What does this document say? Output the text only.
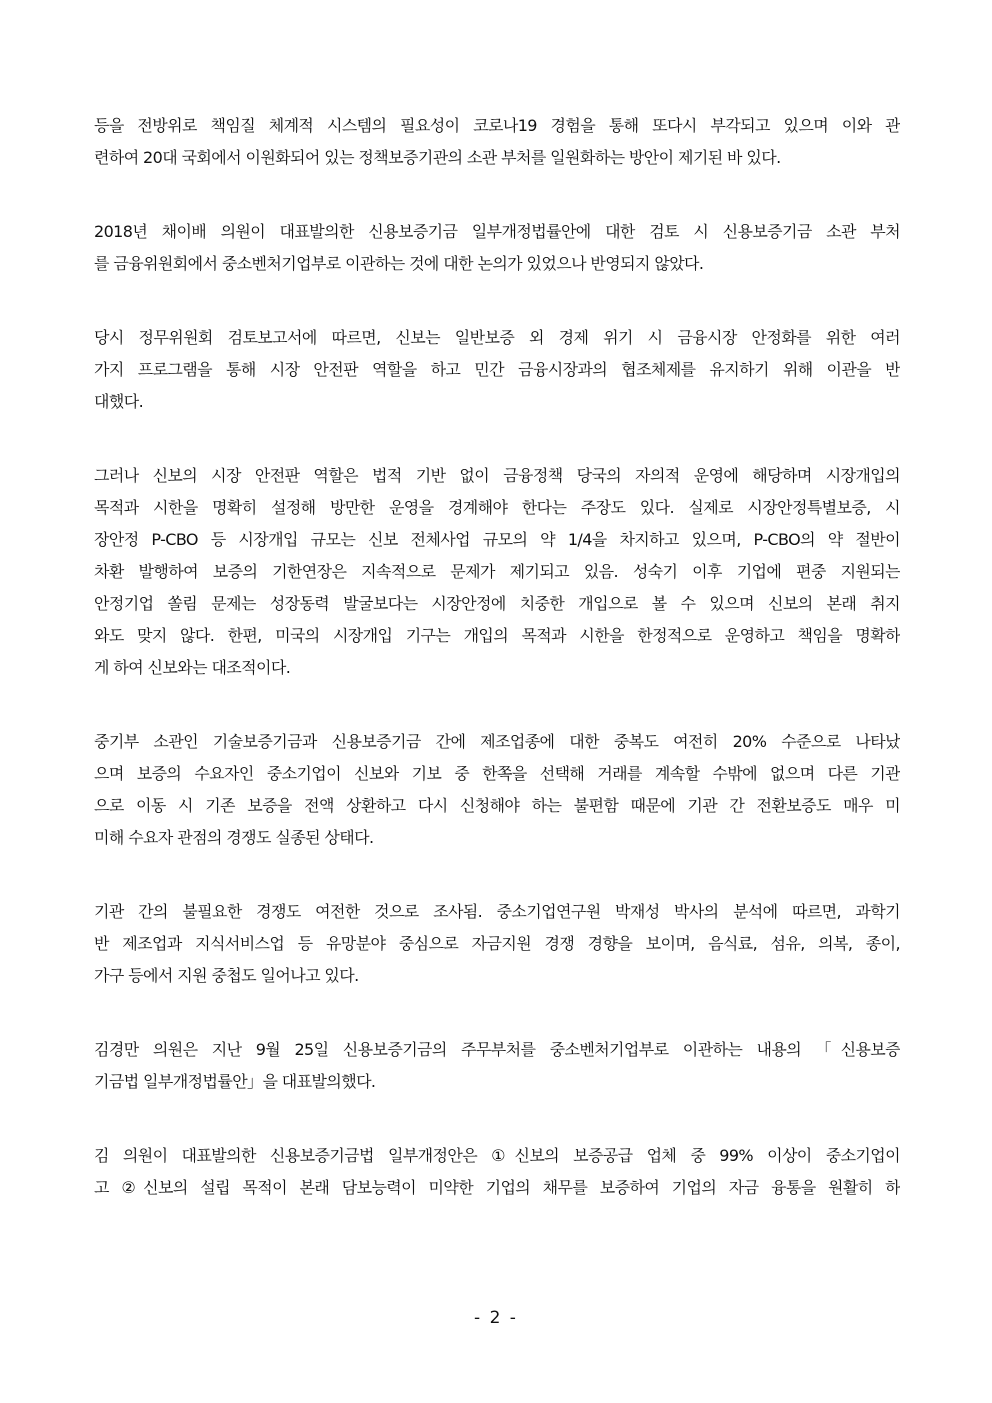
등을 전방위로 책임질 체계적 시스템의 필요성이 코로나19 경험을 통해 또다시 부각되고 있으며 이와 관
련하여 20대 국회에서 이원화되어 있는 정책보증기관의 소관 부처를 일원화하는 방안이 제기된 바 있다.
2018년 채이배 의원이 대표발의한 신용보증기금 일부개정법률안에 대한 검토 시 신용보증기금 소관 부처
를 금융위원회에서 중소벤처기업부로 이관하는 것에 대한 논의가 있었으나 반영되지 않았다.
당시 정무위원회 검토보고서에 따르면, 신보는 일반보증 외 경제 위기 시 금융시장 안정화를 위한 여러
가지 프로그램을 통해 시장 안전판 역할을 하고 민간 금융시장과의 협조체제를 유지하기 위해 이관을 반
대했다.
그러나 신보의 시장 안전판 역할은 법적 기반 없이 금융정책 당국의 자의적 운영에 해당하며 시장개입의
목적과 시한을 명확히 설정해 방만한 운영을 경계해야 한다는 주장도 있다. 실제로 시장안정특별보증, 시
장안정 P-CBO 등 시장개입 규모는 신보 전체사업 규모의 약 1/4을 차지하고 있으며, P-CBO의 약 절반이
차환 발행하여 보증의 기한연장은 지속적으로 문제가 제기되고 있음. 성숙기 이후 기업에 편중 지원되는
안정기업 쏠림 문제는 성장동력 발굴보다는 시장안정에 치중한 개입으로 볼 수 있으며 신보의 본래 취지
와도 맞지 않다. 한편, 미국의 시장개입 기구는 개입의 목적과 시한을 한정적으로 운영하고 책임을 명확하
게 하여 신보와는 대조적이다.
중기부 소관인 기술보증기금과 신용보증기금 간에 제조업종에 대한 중복도 여전히 20% 수준으로 나타났
으며 보증의 수요자인 중소기업이 신보와 기보 중 한쪽을 선택해 거래를 계속할 수밖에 없으며 다른 기관
으로 이동 시 기존 보증을 전액 상환하고 다시 신청해야 하는 불편함 때문에 기관 간 전환보증도 매우 미
미해 수요자 관점의 경쟁도 실종된 상태다.
기관 간의 불필요한 경쟁도 여전한 것으로 조사됨. 중소기업연구원 박재성 박사의 분석에 따르면, 과학기
반 제조업과 지식서비스업 등 유망분야 중심으로 자금지원 경쟁 경향을 보이며, 음식료, 섬유, 의복, 종이,
가구 등에서 지원 중첩도 일어나고 있다.
김경만 의원은 지난 9월 25일 신용보증기금의 주무부처를 중소벤처기업부로 이관하는 내용의 「신용보증
기금법 일부개정법률안」을 대표발의했다.
김 의원이 대표발의한 신용보증기금법 일부개정안은 ①신보의 보증공급 업체 중 99% 이상이 중소기업이
고 ②신보의 설립 목적이 본래 담보능력이 미약한 기업의 채무를 보증하여 기업의 자금 융통을 원활히 하
- 2 -
